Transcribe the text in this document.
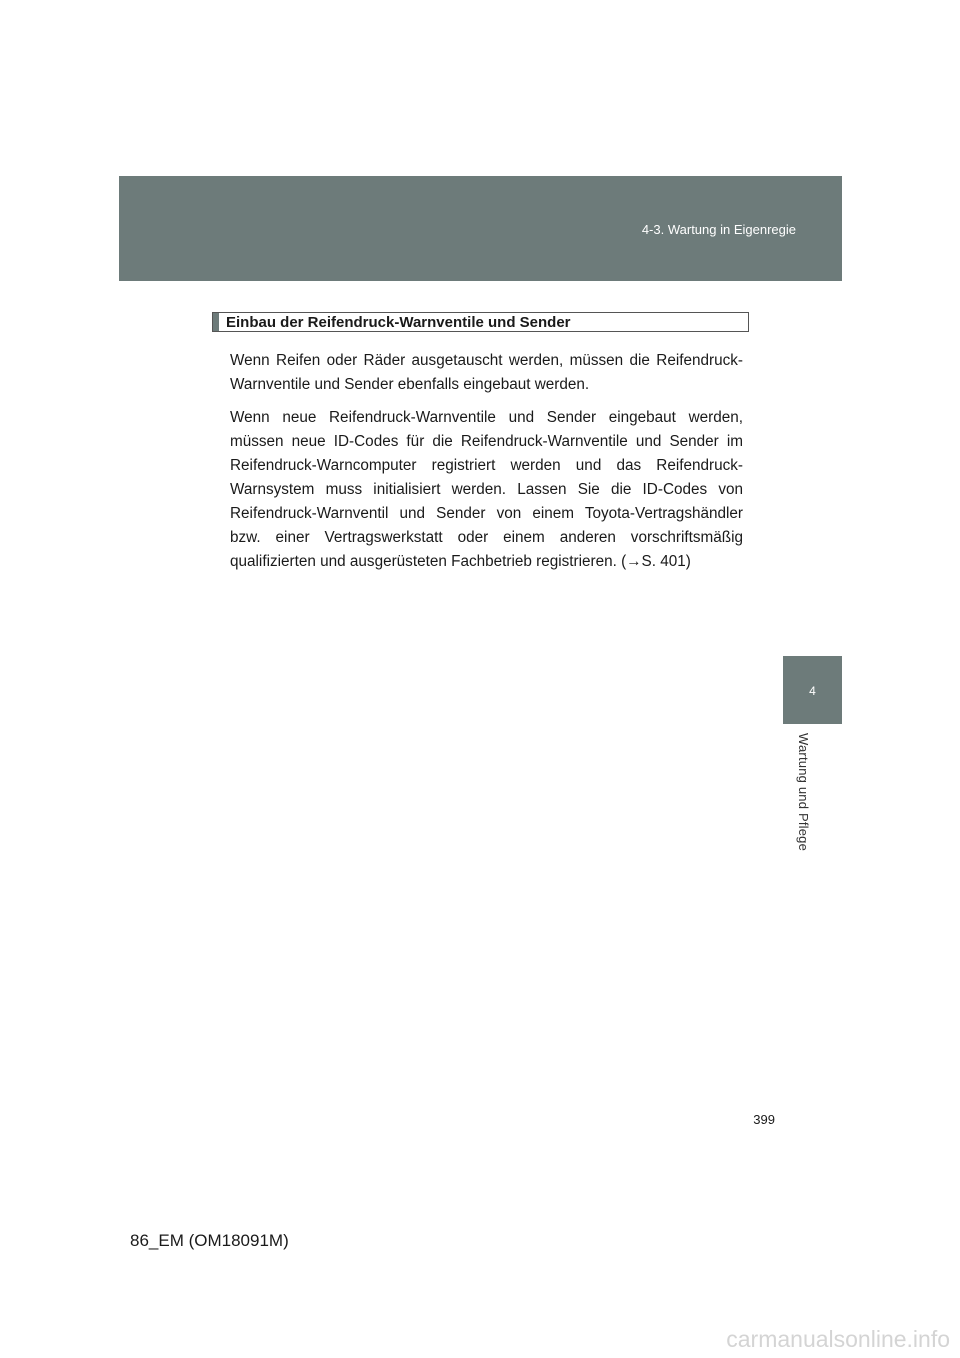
4-3. Wartung in Eigenregie
4
Wartung und Pflege
Einbau der Reifendruck-Warnventile und Sender

Wenn Reifen oder Räder ausgetauscht werden, müssen die Reifendruck-Warnventile und Sender ebenfalls eingebaut werden.

Wenn neue Reifendruck-Warnventile und Sender eingebaut werden, müssen neue ID-Codes für die Reifendruck-Warnventile und Sender im Reifendruck-Warncomputer registriert werden und das Reifendruck-Warnsystem muss initialisiert werden. Lassen Sie die ID-Codes von Reifendruck-Warnventil und Sender von einem Toyota-Vertragshändler bzw. einer Vertragswerkstatt oder einem anderen vorschriftsmäßig qualifizierten und ausgerüsteten Fachbetrieb registrieren. (→S. 401)

399
86_EM (OM18091M)
carmanualsonline.info
